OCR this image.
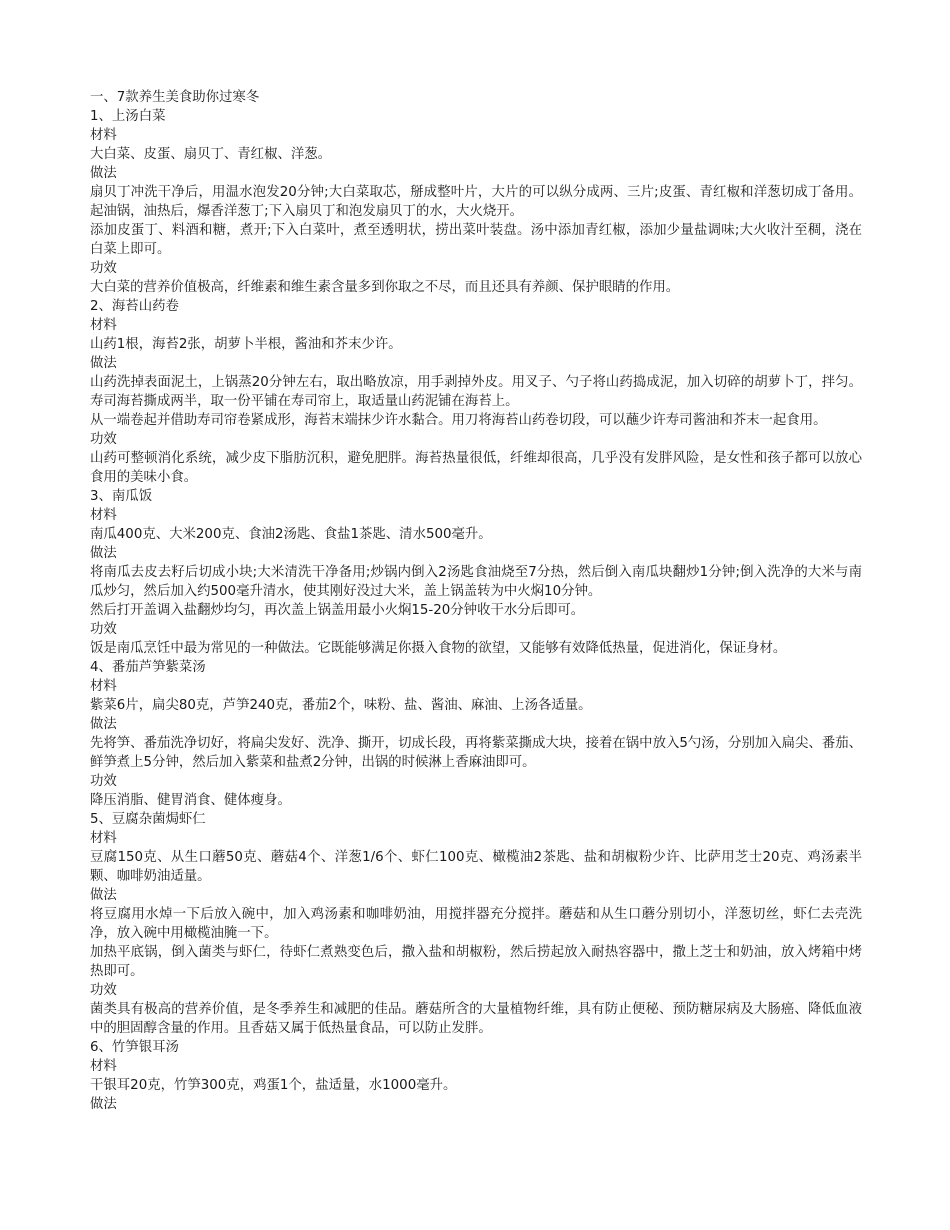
一、7款养生美食助你过寒冬

1、上汤白菜

材料

大白菜、皮蛋、扇贝丁、青红椒、洋葱。

做法

扇贝丁冲洗干净后，用温水泡发20分钟;大白菜取芯，掰成整叶片，大片的可以纵分成两、三片;皮蛋、青红椒和洋葱切成丁备用。起油锅，油热后，爆香洋葱丁;下入扇贝丁和泡发扇贝丁的水，大火烧开。

添加皮蛋丁、料酒和糖，煮开;下入白菜叶，煮至透明状，捞出菜叶装盘。汤中添加青红椒，添加少量盐调味;大火收汁至稠，浇在白菜上即可。

功效

大白菜的营养价值极高，纤维素和维生素含量多到你取之不尽，而且还具有养颜、保护眼睛的作用。

2、海苔山药卷

材料

山药1根，海苔2张，胡萝卜半根，酱油和芥末少许。

做法

山药洗掉表面泥土，上锅蒸20分钟左右，取出略放凉，用手剥掉外皮。用叉子、勺子将山药捣成泥，加入切碎的胡萝卜丁，拌匀。寿司海苔撕成两半，取一份平铺在寿司帘上，取适量山药泥铺在海苔上。

从一端卷起并借助寿司帘卷紧成形，海苔末端抹少许水黏合。用刀将海苔山药卷切段，可以蘸少许寿司酱油和芥末一起食用。

功效

山药可整顿消化系统，减少皮下脂肪沉积，避免肥胖。海苔热量很低，纤维却很高，几乎没有发胖风险，是女性和孩子都可以放心食用的美味小食。

3、南瓜饭

材料

南瓜400克、大米200克、食油2汤匙、食盐1茶匙、清水500毫升。

做法

将南瓜去皮去籽后切成小块;大米清洗干净备用;炒锅内倒入2汤匙食油烧至7分热，然后倒入南瓜块翻炒1分钟;倒入洗净的大米与南瓜炒匀，然后加入约500毫升清水，使其刚好没过大米，盖上锅盖转为中火焖10分钟。

然后打开盖调入盐翻炒均匀，再次盖上锅盖用最小火焖15-20分钟收干水分后即可。

功效

饭是南瓜烹饪中最为常见的一种做法。它既能够满足你摄入食物的欲望，又能够有效降低热量，促进消化，保证身材。

4、番茄芦笋紫菜汤

材料

紫菜6片，扁尖80克，芦笋240克，番茄2个，味粉、盐、酱油、麻油、上汤各适量。

做法

先将笋、番茄洗净切好，将扁尖发好、洗净、撕开，切成长段，再将紫菜撕成大块，接着在锅中放入5勺汤，分别加入扁尖、番茄、鲜笋煮上5分钟，然后加入紫菜和盐煮2分钟，出锅的时候淋上香麻油即可。

功效

降压消脂、健胃消食、健体瘦身。

5、豆腐杂菌焗虾仁

材料

豆腐150克、从生口蘑50克、蘑菇4个、洋葱1/6个、虾仁100克、橄榄油2茶匙、盐和胡椒粉少许、比萨用芝士20克、鸡汤素半颗、咖啡奶油适量。

做法

将豆腐用水焯一下后放入碗中，加入鸡汤素和咖啡奶油，用搅拌器充分搅拌。蘑菇和从生口蘑分别切小，洋葱切丝，虾仁去壳洗净，放入碗中用橄榄油腌一下。

加热平底锅，倒入菌类与虾仁，待虾仁煮熟变色后，撒入盐和胡椒粉，然后捞起放入耐热容器中，撒上芝士和奶油，放入烤箱中烤热即可。

功效

菌类具有极高的营养价值，是冬季养生和减肥的佳品。蘑菇所含的大量植物纤维，具有防止便秘、预防糖尿病及大肠癌、降低血液中的胆固醇含量的作用。且香菇又属于低热量食品，可以防止发胖。

6、竹笋银耳汤

材料

干银耳20克，竹笋300克，鸡蛋1个，盐适量，水1000毫升。

做法
